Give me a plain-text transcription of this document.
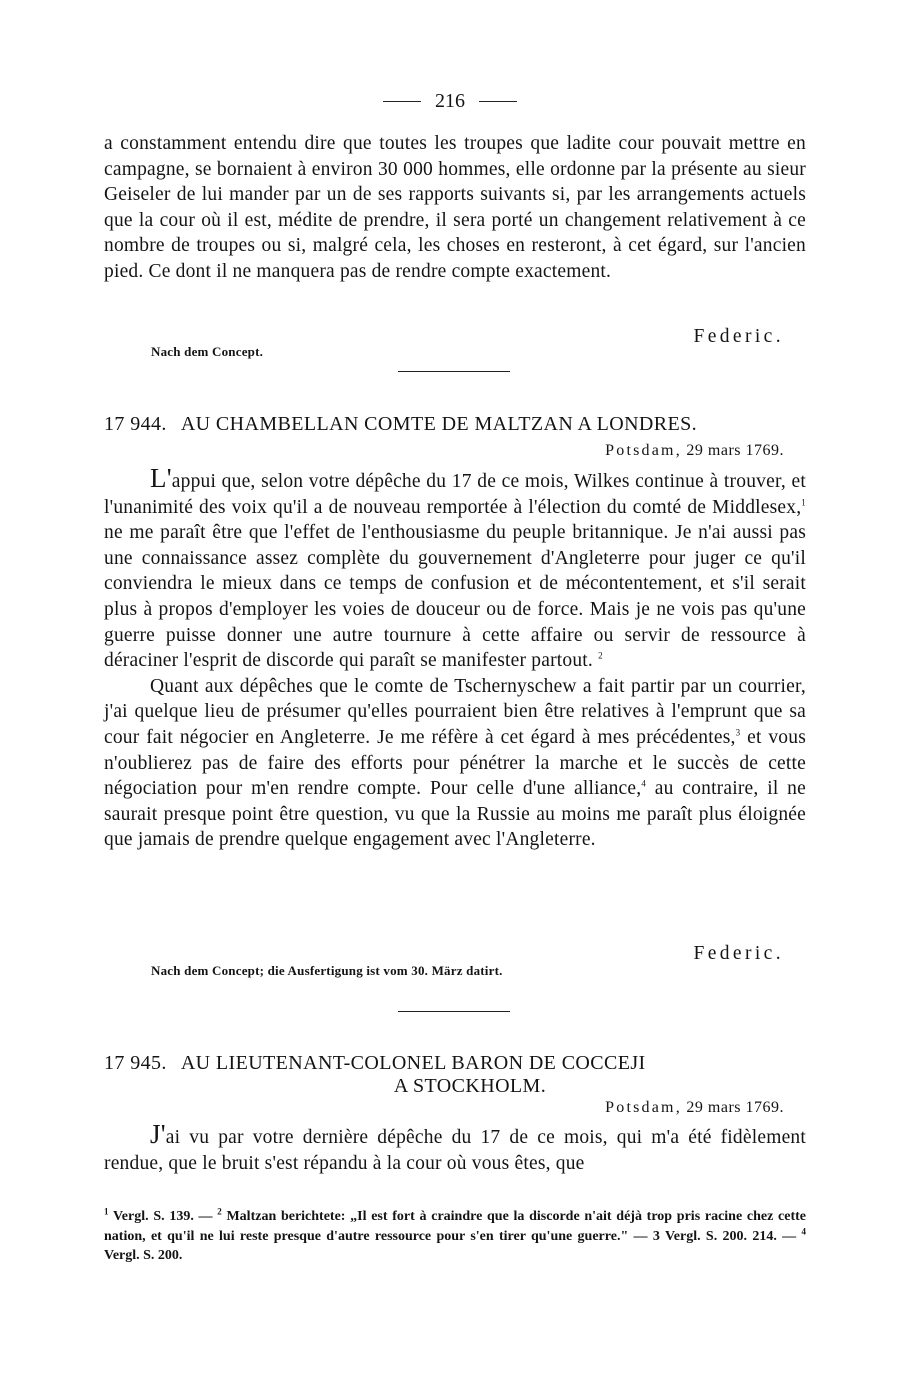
216

a constamment entendu dire que toutes les troupes que ladite cour pouvait mettre en campagne, se bornaient à environ 30 000 hommes, elle ordonne par la présente au sieur Geiseler de lui mander par un de ses rapports suivants si, par les arrangements actuels que la cour où il est, médite de prendre, il sera porté un changement relativement à ce nombre de troupes ou si, malgré cela, les choses en resteront, à cet égard, sur l'ancien pied. Ce dont il ne manquera pas de rendre compte exactement.

Federic.
Nach dem Concept.
17 944. AU CHAMBELLAN COMTE DE MALTZAN A LONDRES.
Potsdam, 29 mars 1769.

L'appui que, selon votre dépêche du 17 de ce mois, Wilkes continue à trouver, et l'unanimité des voix qu'il a de nouveau remportée à l'élection du comté de Middlesex,$^1$ ne me paraît être que l'effet de l'enthousiasme du peuple britannique. Je n'ai aussi pas une connaissance assez complète du gouvernement d'Angleterre pour juger ce qu'il conviendra le mieux dans ce temps de confusion et de mécontentement, et s'il serait plus à propos d'employer les voies de douceur ou de force. Mais je ne vois pas qu'une guerre puisse donner une autre tournure à cette affaire ou servir de ressource à déraciner l'esprit de discorde qui paraît se manifester partout. $^2$

Quant aux dépêches que le comte de Tschernyschew a fait partir par un courrier, j'ai quelque lieu de présumer qu'elles pourraient bien être relatives à l'emprunt que sa cour fait négocier en Angleterre. Je me réfère à cet égard à mes précédentes,$^3$ et vous n'oublierez pas de faire des efforts pour pénétrer la marche et le succès de cette négociation pour m'en rendre compte. Pour celle d'une alliance,$^4$ au contraire, il ne saurait presque point être question, vu que la Russie au moins me paraît plus éloignée que jamais de prendre quelque engagement avec l'Angleterre.

Federic.
Nach dem Concept; die Ausfertigung ist vom 30. März datirt.
17 945. AU LIEUTENANT-COLONEL BARON DE COCCEJI
A STOCKHOLM.
Potsdam, 29 mars 1769.

J'ai vu par votre dernière dépêche du 17 de ce mois, qui m'a été fidèlement rendue, que le bruit s'est répandu à la cour où vous êtes, que

$^1$ Vergl. S. 139. — $^2$ Maltzan berichtete: „Il est fort à craindre que la discorde n'ait déjà trop pris racine chez cette nation, et qu'il ne lui reste presque d'autre ressource pour s'en tirer qu'une guerre." — 3 Vergl. S. 200. 214. — $^4$ Vergl. S. 200.
